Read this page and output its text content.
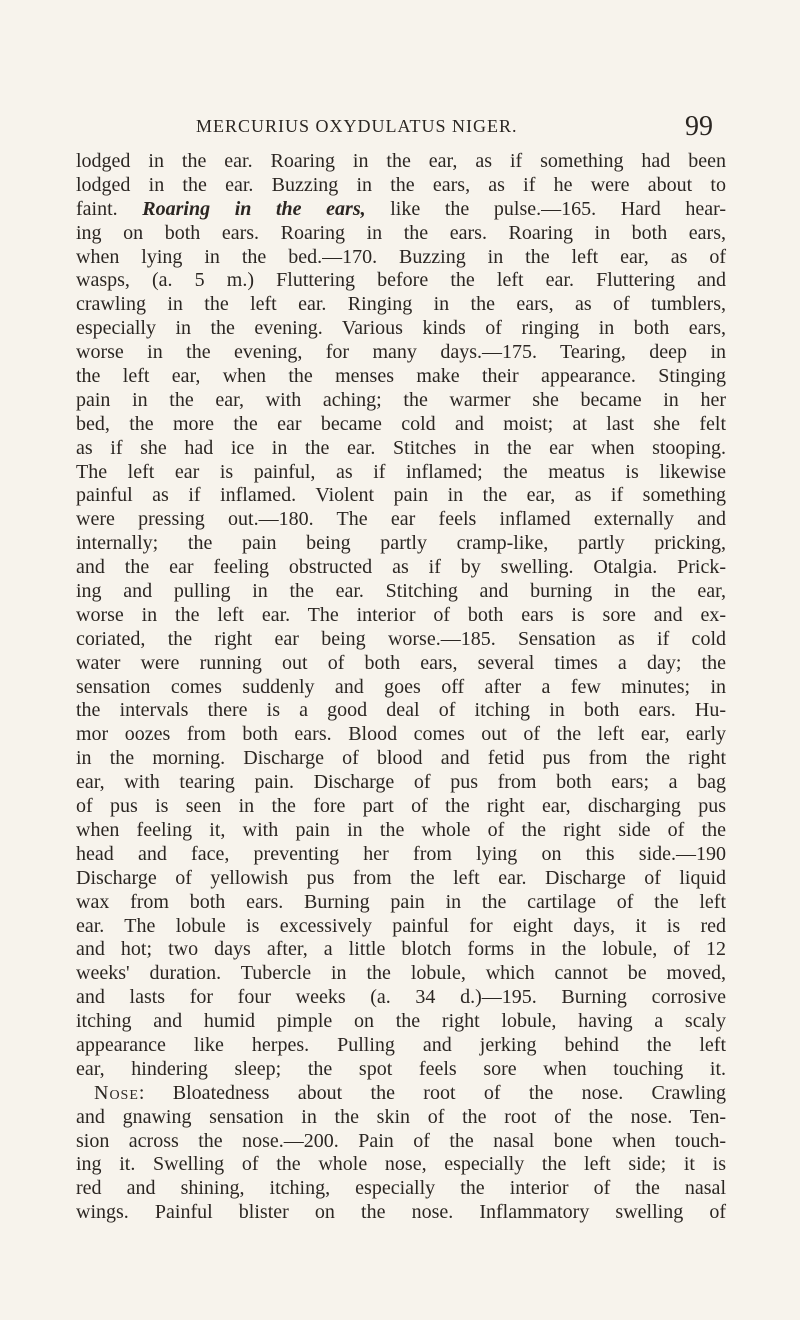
MERCURIUS OXYDULATUS NIGER.	99
lodged in the ear. Roaring in the ear, as if something had been
lodged in the ear. Buzzing in the ears, as if he were about to
faint. Roaring in the ears, like the pulse.—165. Hard hear-
ing on both ears. Roaring in the ears. Roaring in both ears,
when lying in the bed.—170. Buzzing in the left ear, as of
wasps, (a. 5 m.) Fluttering before the left ear. Fluttering and
crawling in the left ear. Ringing in the ears, as of tumblers,
especially in the evening. Various kinds of ringing in both ears,
worse in the evening, for many days.—175. Tearing, deep in
the left ear, when the menses make their appearance. Stinging
pain in the ear, with aching; the warmer she became in her
bed, the more the ear became cold and moist; at last she felt
as if she had ice in the ear. Stitches in the ear when stooping.
The left ear is painful, as if inflamed; the meatus is likewise
painful as if inflamed. Violent pain in the ear, as if something
were pressing out.—180. The ear feels inflamed externally and
internally; the pain being partly cramp-like, partly pricking,
and the ear feeling obstructed as if by swelling. Otalgia. Prick-
ing and pulling in the ear. Stitching and burning in the ear,
worse in the left ear. The interior of both ears is sore and ex-
coriated, the right ear being worse.—185. Sensation as if cold
water were running out of both ears, several times a day; the
sensation comes suddenly and goes off after a few minutes; in
the intervals there is a good deal of itching in both ears. Hu-
mor oozes from both ears. Blood comes out of the left ear, early
in the morning. Discharge of blood and fetid pus from the right
ear, with tearing pain. Discharge of pus from both ears; a bag
of pus is seen in the fore part of the right ear, discharging pus
when feeling it, with pain in the whole of the right side of the
head and face, preventing her from lying on this side.—190
Discharge of yellowish pus from the left ear. Discharge of liquid
wax from both ears. Burning pain in the cartilage of the left
ear. The lobule is excessively painful for eight days, it is red
and hot; two days after, a little blotch forms in the lobule, of 12
weeks' duration. Tubercle in the lobule, which cannot be moved,
and lasts for four weeks (a. 34 d.)—195. Burning corrosive
itching and humid pimple on the right lobule, having a scaly
appearance like herpes. Pulling and jerking behind the left
ear, hindering sleep; the spot feels sore when touching it.
Nose: Bloatedness about the root of the nose. Crawling
and gnawing sensation in the skin of the root of the nose. Ten-
sion across the nose.—200. Pain of the nasal bone when touch-
ing it. Swelling of the whole nose, especially the left side; it is
red and shining, itching, especially the interior of the nasal
wings. Painful blister on the nose. Inflammatory swelling of
